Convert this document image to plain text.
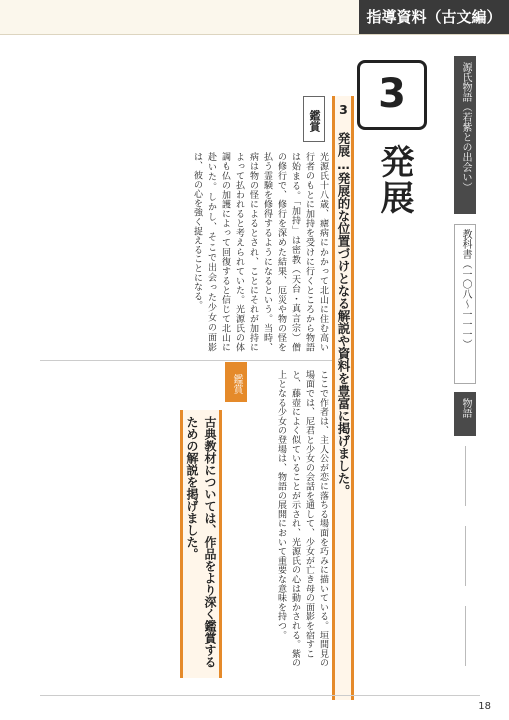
指導資料（古文編）
源氏物語（若紫との出会い）
教科書（一〇八〜一一一）
物語
3
発展
3 発展…発展的な位置づけとなる解説や資料を豊富に掲げました。
鑑賞
光源氏十八歳、瘧病にかかって北山に住む高い行者のもとに加持を受けに行くところから物語は始まる。「加持」は密教（天台・真言宗）僧の修行で、修行を深めた結果、厄災や物の怪を払う霊験を修得するようになるという。当時、病は物の怪によるとされ、ことにそれが加持によって払われると考えられていた。光源氏の体調も仏の加護によって回復すると信じて北山に赴いた。しかし、そこで出会った少女の面影は、彼の心を強く捉えることになる。
ここで作者は、主人公が恋に落ちる場面を巧みに描いている。垣間見の場面では、尼君と少女の会話を通して、少女が亡き母の面影を宿すこと、藤壺によく似ていることが示され、光源氏の心は動かされる。紫の上となる少女の登場は、物語の展開において重要な意味を持つ。
鑑賞
古典教材については、作品をより深く鑑賞するための解説を掲げました。
18
